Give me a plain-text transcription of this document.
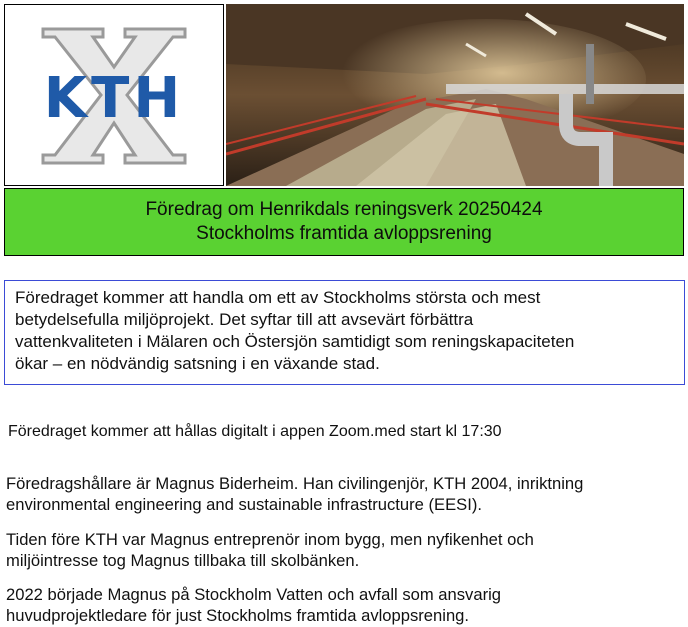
KTH
Föredrag om Henrikdals reningsverk 20250424
Stockholms framtida avloppsrening
Föredraget kommer att handla om ett av Stockholms största och mest
betydelsefulla miljöprojekt. Det syftar till att avsevärt förbättra
vattenkvaliteten i Mälaren och Östersjön samtidigt som reningskapaciteten
ökar – en nödvändig satsning i en växande stad.
Föredraget kommer att hållas digitalt i appen Zoom.med start kl 17:30
Föredragshållare är Magnus Biderheim. Han civilingenjör, KTH 2004, inriktning
environmental engineering and sustainable infrastructure (EESI).
Tiden före KTH var Magnus entreprenör inom bygg, men nyfikenhet och
miljöintresse tog Magnus tillbaka till skolbänken.
2022 började Magnus på Stockholm Vatten och avfall som ansvarig
huvudprojektledare för just Stockholms framtida avloppsrening.
